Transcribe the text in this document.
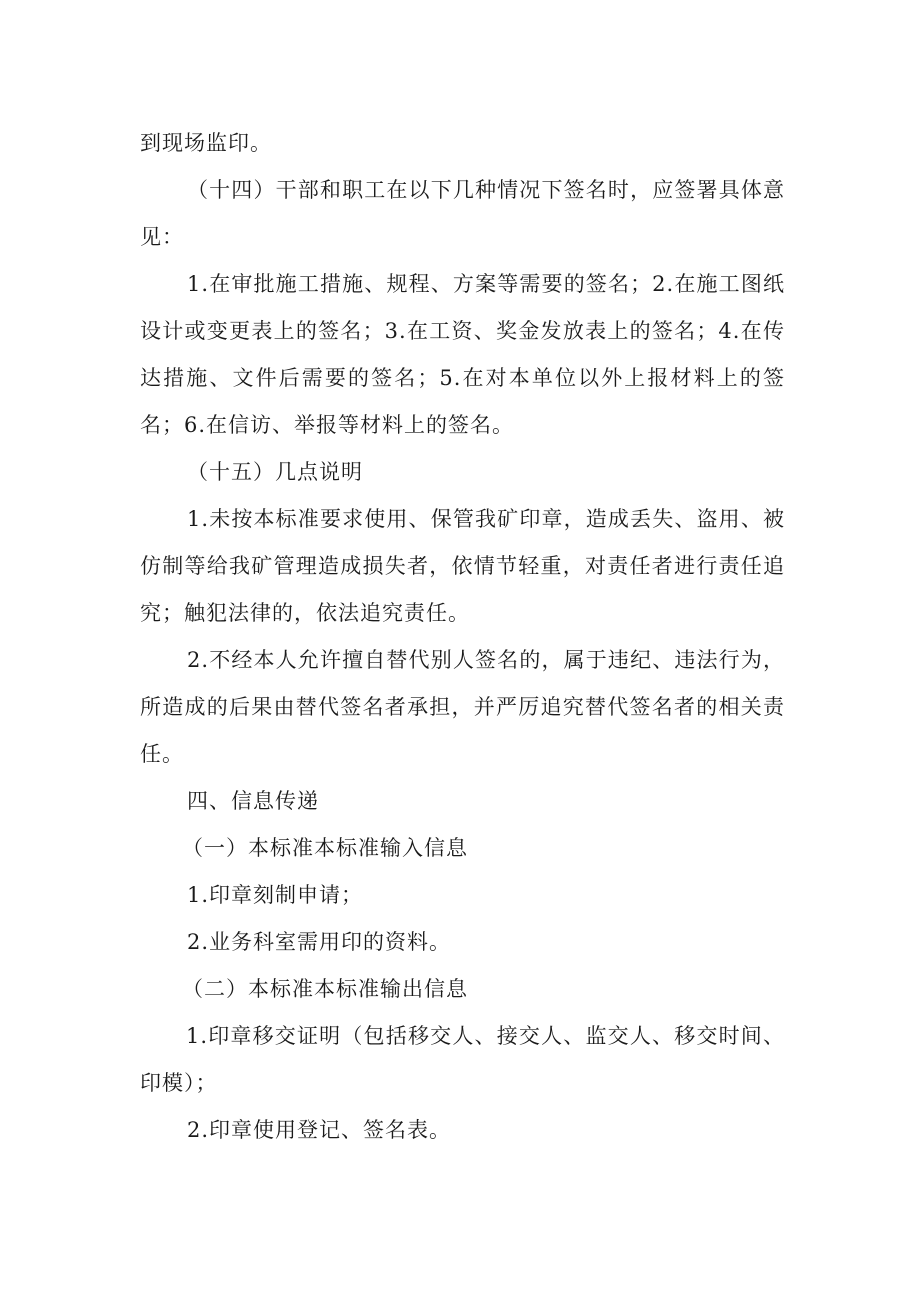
到现场监印。

（十四）干部和职工在以下几种情况下签名时，应签署具体意见：

1.在审批施工措施、规程、方案等需要的签名；2.在施工图纸设计或变更表上的签名；3.在工资、奖金发放表上的签名；4.在传达措施、文件后需要的签名；5.在对本单位以外上报材料上的签名；6.在信访、举报等材料上的签名。

（十五）几点说明

1.未按本标准要求使用、保管我矿印章，造成丢失、盗用、被仿制等给我矿管理造成损失者，依情节轻重，对责任者进行责任追究；触犯法律的，依法追究责任。

2.不经本人允许擅自替代别人签名的，属于违纪、违法行为，所造成的后果由替代签名者承担，并严厉追究替代签名者的相关责任。

四、信息传递

（一）本标准本标准输入信息

1.印章刻制申请；

2.业务科室需用印的资料。

（二）本标准本标准输出信息

1.印章移交证明（包括移交人、接交人、监交人、移交时间、印模）；

2.印章使用登记、签名表。
